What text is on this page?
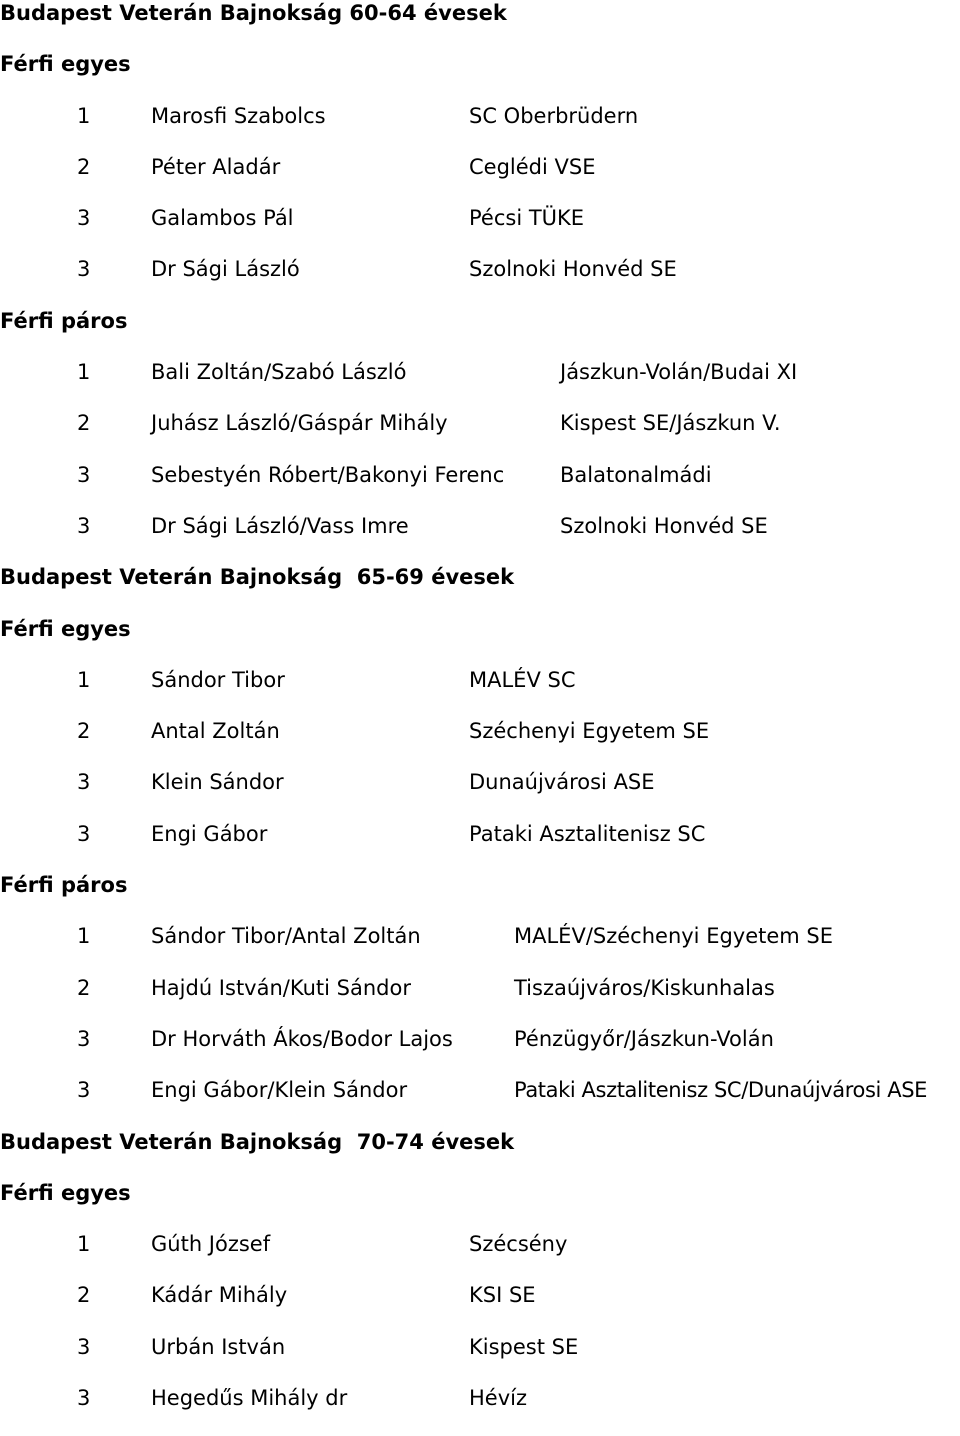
Budapest Veterán Bajnokság 60-64 évesek
Férfi egyes
1	Marosfi Szabolcs	SC Oberbrüdern
2	Péter Aladár	Ceglédi VSE
3	Galambos Pál	Pécsi TÜKE
3	Dr Sági László	Szolnoki Honvéd SE
Férfi páros
1	Bali Zoltán/Szabó László	Jászkun-Volán/Budai XI
2	Juhász László/Gáspár Mihály	Kispest SE/Jászkun V.
3	Sebestyén Róbert/Bakonyi Ferenc	Balatonalmádi
3	Dr Sági László/Vass Imre	Szolnoki Honvéd SE
Budapest Veterán Bajnokság  65-69 évesek
Férfi egyes
1	Sándor Tibor	MALÉV SC
2	Antal Zoltán	Széchenyi Egyetem SE
3	Klein Sándor	Dunaújvárosi ASE
3	Engi Gábor	Pataki Asztalitenisz SC
Férfi páros
1	Sándor Tibor/Antal Zoltán	MALÉV/Széchenyi Egyetem SE
2	Hajdú István/Kuti Sándor	Tiszaújváros/Kiskunhalas
3	Dr Horváth Ákos/Bodor Lajos	Pénzügyőr/Jászkun-Volán
3	Engi Gábor/Klein Sándor	Pataki Asztalitenisz SC/Dunaújvárosi ASE
Budapest Veterán Bajnokság  70-74 évesek
Férfi egyes
1	Gúth József	Szécsény
2	Kádár Mihály	KSI SE
3	Urbán István	Kispest SE
3	Hegedűs Mihály dr	Hévíz
